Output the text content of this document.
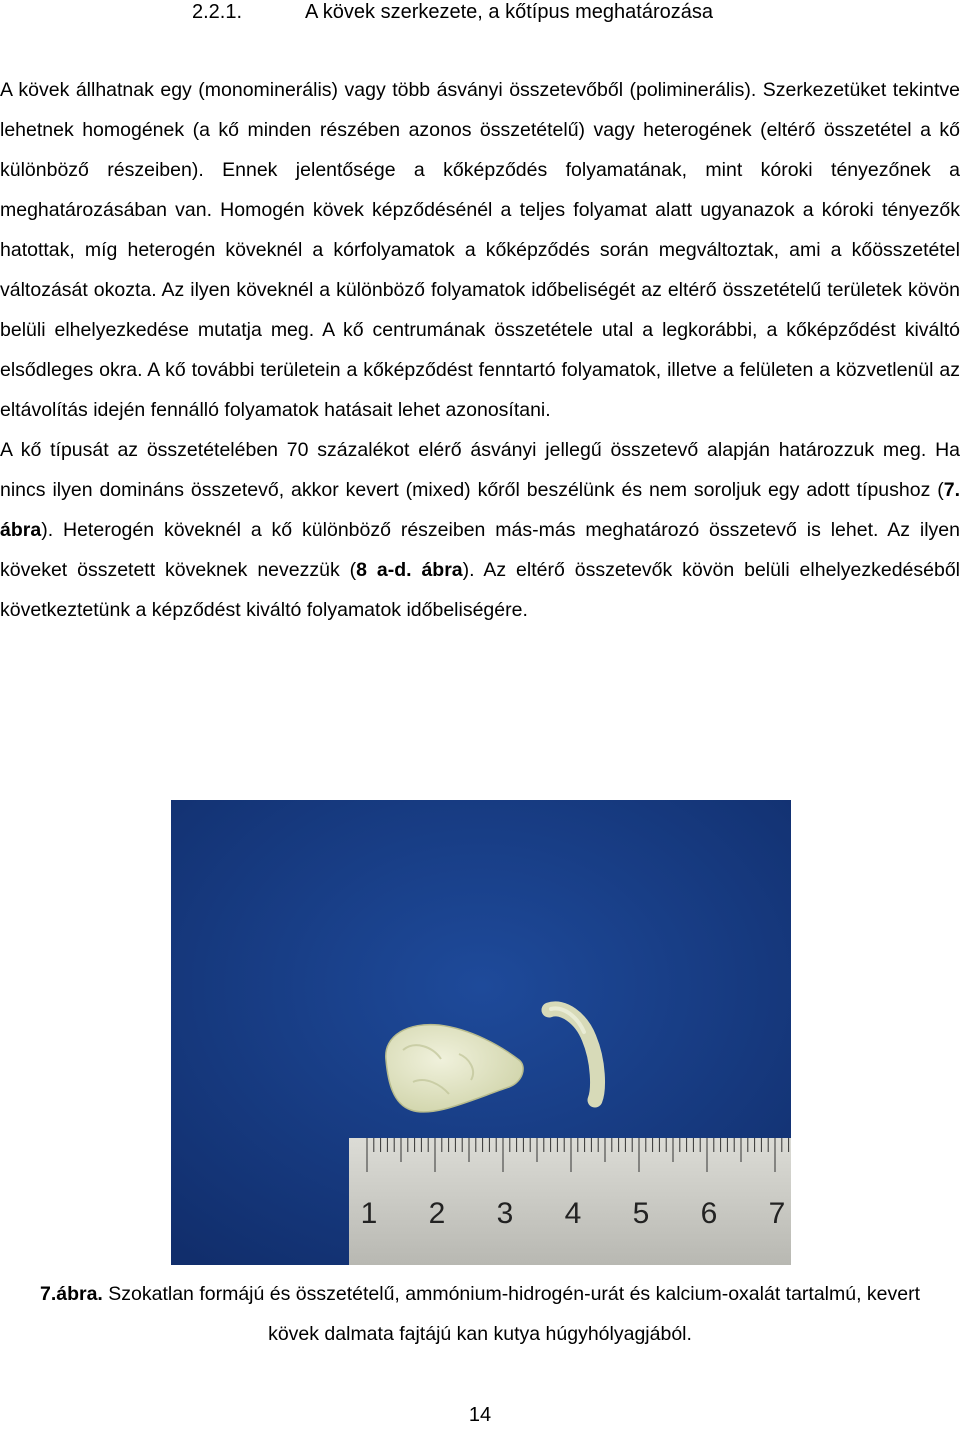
2.2.1.	A kövek szerkezete, a kőtípus meghatározása

A kövek állhatnak egy (monominerális) vagy több ásványi összetevőből (poliminerális). Szerkezetüket tekintve lehetnek homogének (a kő minden részében azonos összetételű) vagy heterogének (eltérő összetétel a kő különböző részeiben). Ennek jelentősége a kőképződés folyamatának, mint kóroki tényezőnek a meghatározásában van. Homogén kövek képződésénél a teljes folyamat alatt ugyanazok a kóroki tényezők hatottak, míg heterogén köveknél a kórfolyamatok a kőképződés során megváltoztak, ami a kőösszetétel változását okozta. Az ilyen köveknél a különböző folyamatok időbeliségét az eltérő összetételű területek kövön belüli elhelyezkedése mutatja meg. A kő centrumának összetétele utal a legkorábbi, a kőképződést kiváltó elsődleges okra. A kő további területein a kőképződést fenntartó folyamatok, illetve a felületen a közvetlenül az eltávolítás idején fennálló folyamatok hatásait lehet azonosítani.

A kő típusát az összetételében 70 százalékot elérő ásványi jellegű összetevő alapján határozzuk meg. Ha nincs ilyen domináns összetevő, akkor kevert (mixed) kőről beszélünk és nem soroljuk egy adott típushoz (7. ábra). Heterogén köveknél a kő különböző részeiben más-más meghatározó összetevő is lehet. Az ilyen köveket összetett köveknek nevezzük (8 a-d. ábra). Az eltérő összetevők kövön belüli elhelyezkedéséből következtetünk a képződést kiváltó folyamatok időbeliségére.

1 2 3 4 5 6 7
7.ábra. Szokatlan formájú és összetételű, ammónium-hidrogén-urát és kalcium-oxalát tartalmú, kevert kövek dalmata fajtájú kan kutya húgyhólyagjából.
14
